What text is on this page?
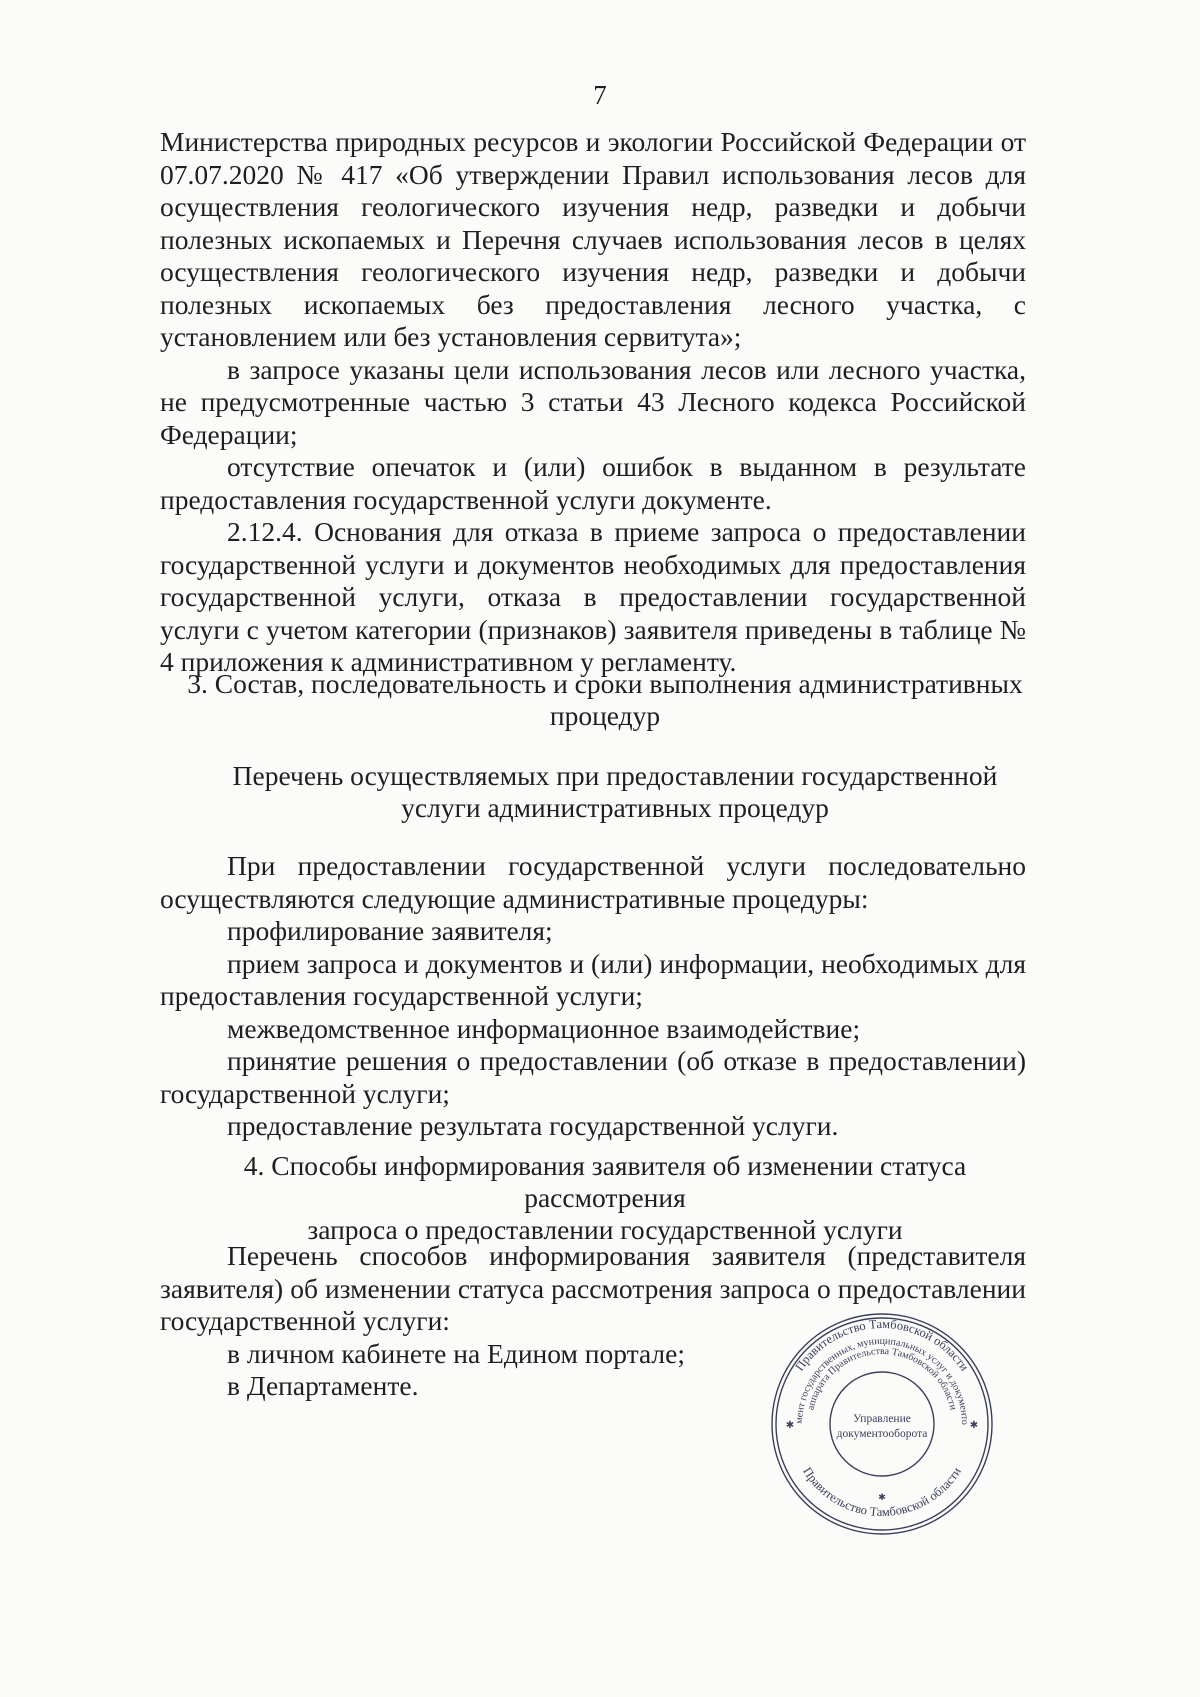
7

Министерства природных ресурсов и экологии Российской Федерации от 07.07.2020 № 417 «Об утверждении Правил использования лесов для осуществления геологического изучения недр, разведки и добычи полезных ископаемых и Перечня случаев использования лесов в целях осуществления геологического изучения недр, разведки и добычи полезных ископаемых без предоставления лесного участка, с установлением или без установления сервитута»;

в запросе указаны цели использования лесов или лесного участка, не предусмотренные частью 3 статьи 43 Лесного кодекса Российской Федерации;

отсутствие опечаток и (или) ошибок в выданном в результате предоставления государственной услуги документе.

2.12.4. Основания для отказа в приеме запроса о предоставлении государственной услуги и документов необходимых для предоставления государственной услуги, отказа в предоставлении государственной услуги с учетом категории (признаков) заявителя приведены в таблице № 4 приложения к административном у регламенту.

3. Состав, последовательность и сроки выполнения административных
процедур
Перечень осуществляемых при предоставлении государственной
услуги административных процедур

При предоставлении государственной услуги последовательно осуществляются следующие административные процедуры:

профилирование заявителя;

прием запроса и документов и (или) информации, необходимых для предоставления государственной услуги;

межведомственное информационное взаимодействие;

принятие решения о предоставлении (об отказе в предоставлении) государственной услуги;

предоставление результата государственной услуги.

4. Способы информирования заявителя об изменении статуса рассмотрения
запроса о предоставлении государственной услуги

Перечень способов информирования заявителя (представителя заявителя) об изменении статуса рассмотрения запроса о предоставлении государственной услуги:

в личном кабинете на Едином портале;

в Департаменте.

Правительство Тамбовской области
Правительство Тамбовской области
мент государственных, муниципальных услуг и документо
аппарата Правительства Тамбовской области
Управление
документооборота
✱	✱
✱
